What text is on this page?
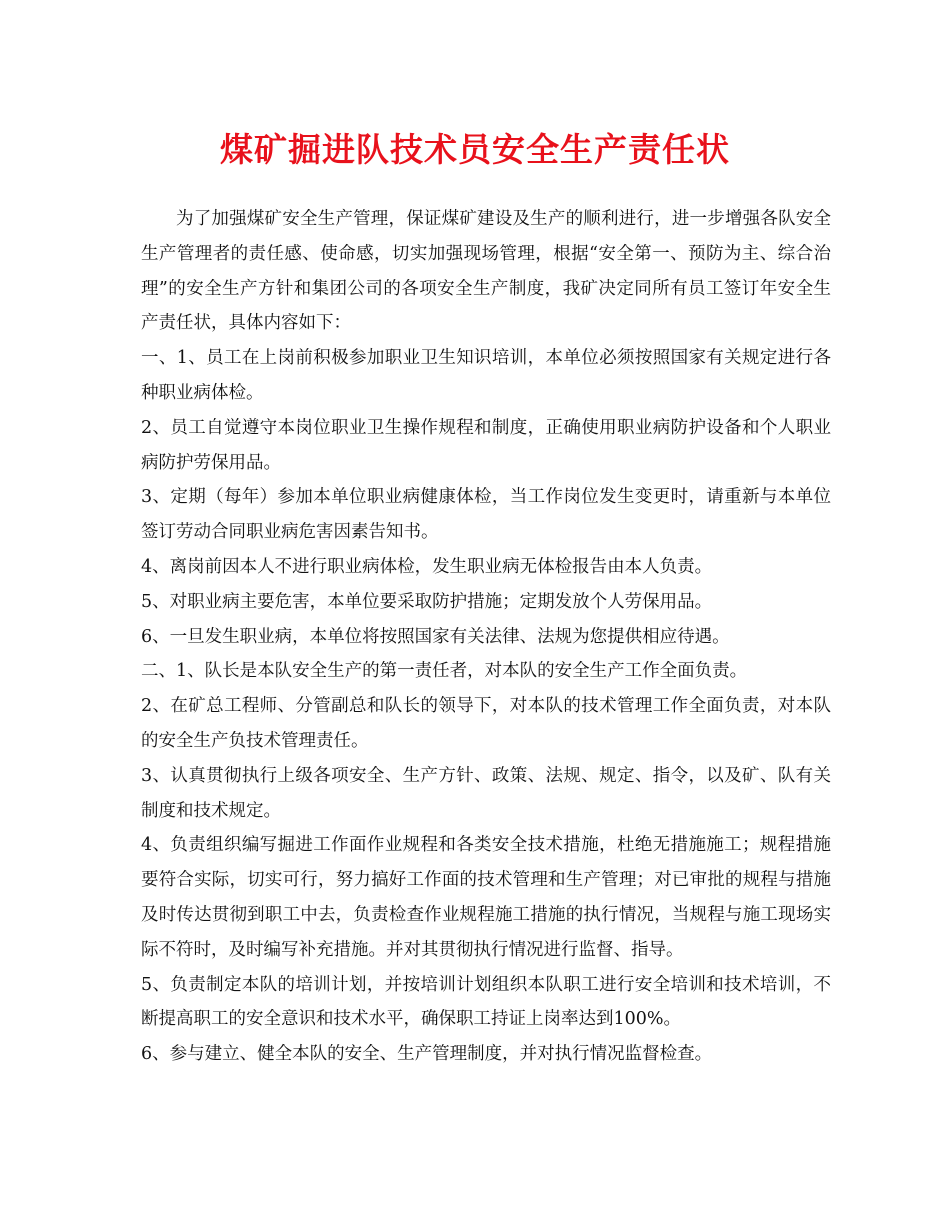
煤矿掘进队技术员安全生产责任状

为了加强煤矿安全生产管理，保证煤矿建设及生产的顺利进行，进一步增强各队安全生产管理者的责任感、使命感，切实加强现场管理，根据“安全第一、预防为主、综合治理”的安全生产方针和集团公司的各项安全生产制度，我矿决定同所有员工签订年安全生产责任状，具体内容如下：

一、1、员工在上岗前积极参加职业卫生知识培训，本单位必须按照国家有关规定进行各种职业病体检。

2、员工自觉遵守本岗位职业卫生操作规程和制度，正确使用职业病防护设备和个人职业病防护劳保用品。

3、定期（每年）参加本单位职业病健康体检，当工作岗位发生变更时，请重新与本单位签订劳动合同职业病危害因素告知书。

4、离岗前因本人不进行职业病体检，发生职业病无体检报告由本人负责。

5、对职业病主要危害，本单位要采取防护措施；定期发放个人劳保用品。

6、一旦发生职业病，本单位将按照国家有关法律、法规为您提供相应待遇。

二、1、队长是本队安全生产的第一责任者，对本队的安全生产工作全面负责。

2、在矿总工程师、分管副总和队长的领导下，对本队的技术管理工作全面负责，对本队的安全生产负技术管理责任。

3、认真贯彻执行上级各项安全、生产方针、政策、法规、规定、指令，以及矿、队有关制度和技术规定。

4、负责组织编写掘进工作面作业规程和各类安全技术措施，杜绝无措施施工；规程措施要符合实际，切实可行，努力搞好工作面的技术管理和生产管理；对已审批的规程与措施及时传达贯彻到职工中去，负责检查作业规程施工措施的执行情况，当规程与施工现场实际不符时，及时编写补充措施。并对其贯彻执行情况进行监督、指导。

5、负责制定本队的培训计划，并按培训计划组织本队职工进行安全培训和技术培训，不断提高职工的安全意识和技术水平，确保职工持证上岗率达到100%。

6、参与建立、健全本队的安全、生产管理制度，并对执行情况监督检查。
